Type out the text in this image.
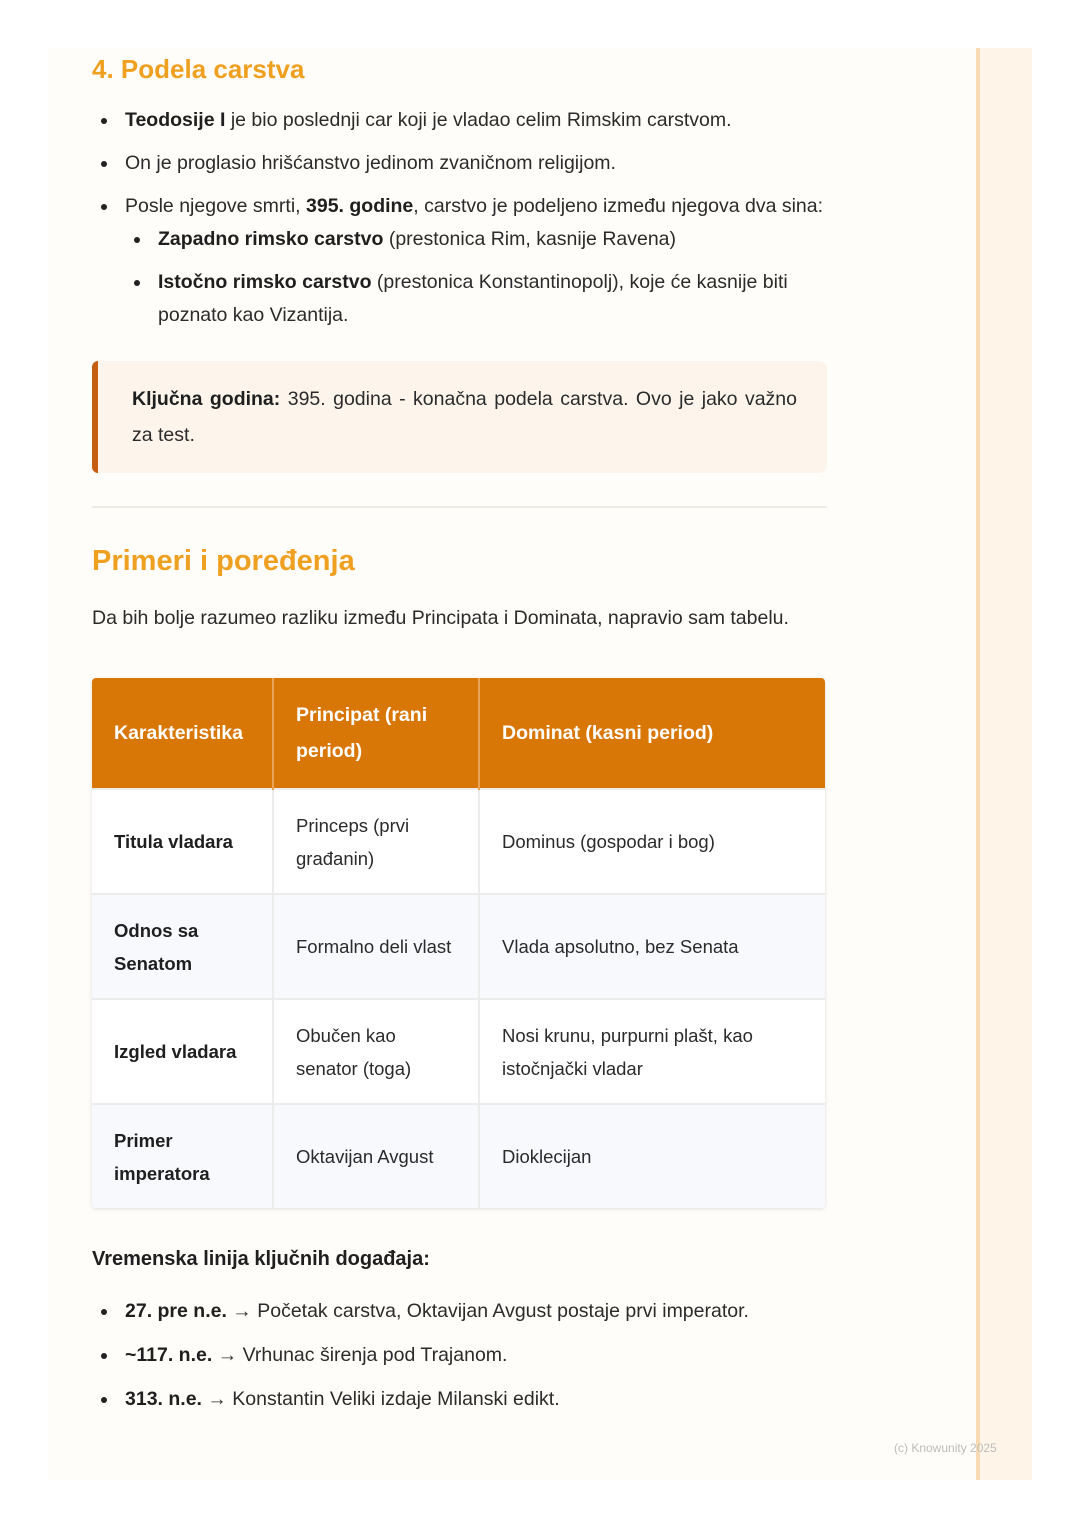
4. Podela carstva
Teodosije I je bio poslednji car koji je vladao celim Rimskim carstvom.
On je proglasio hrišćanstvo jedinom zvaničnom religijom.
Posle njegove smrti, 395. godine, carstvo je podeljeno između njegova dva sina:
Zapadno rimsko carstvo (prestonica Rim, kasnije Ravena)
Istočno rimsko carstvo (prestonica Konstantinopolj), koje će kasnije biti poznato kao Vizantija.
Ključna godina: 395. godina - konačna podela carstva. Ovo je jako važno za test.
Primeri i poređenja

Da bih bolje razumeo razliku između Principata i Dominata, napravio sam tabelu.

Karakteristika	Principat (rani period)	Dominat (kasni period)
Titula vladara	Princeps (prvi građanin)	Dominus (gospodar i bog)
Odnos sa Senatom	Formalno deli vlast	Vlada apsolutno, bez Senata
Izgled vladara	Obučen kao senator (toga)	Nosi krunu, purpurni plašt, kao istočnjački vladar
Primer imperatora	Oktavijan Avgust	Dioklecijan

Vremenska linija ključnih događaja:

27. pre n.e. → Početak carstva, Oktavijan Avgust postaje prvi imperator.
~117. n.e. → Vrhunac širenja pod Trajanom.
313. n.e. → Konstantin Veliki izdaje Milanski edikt.
(c) Knowunity 2025
